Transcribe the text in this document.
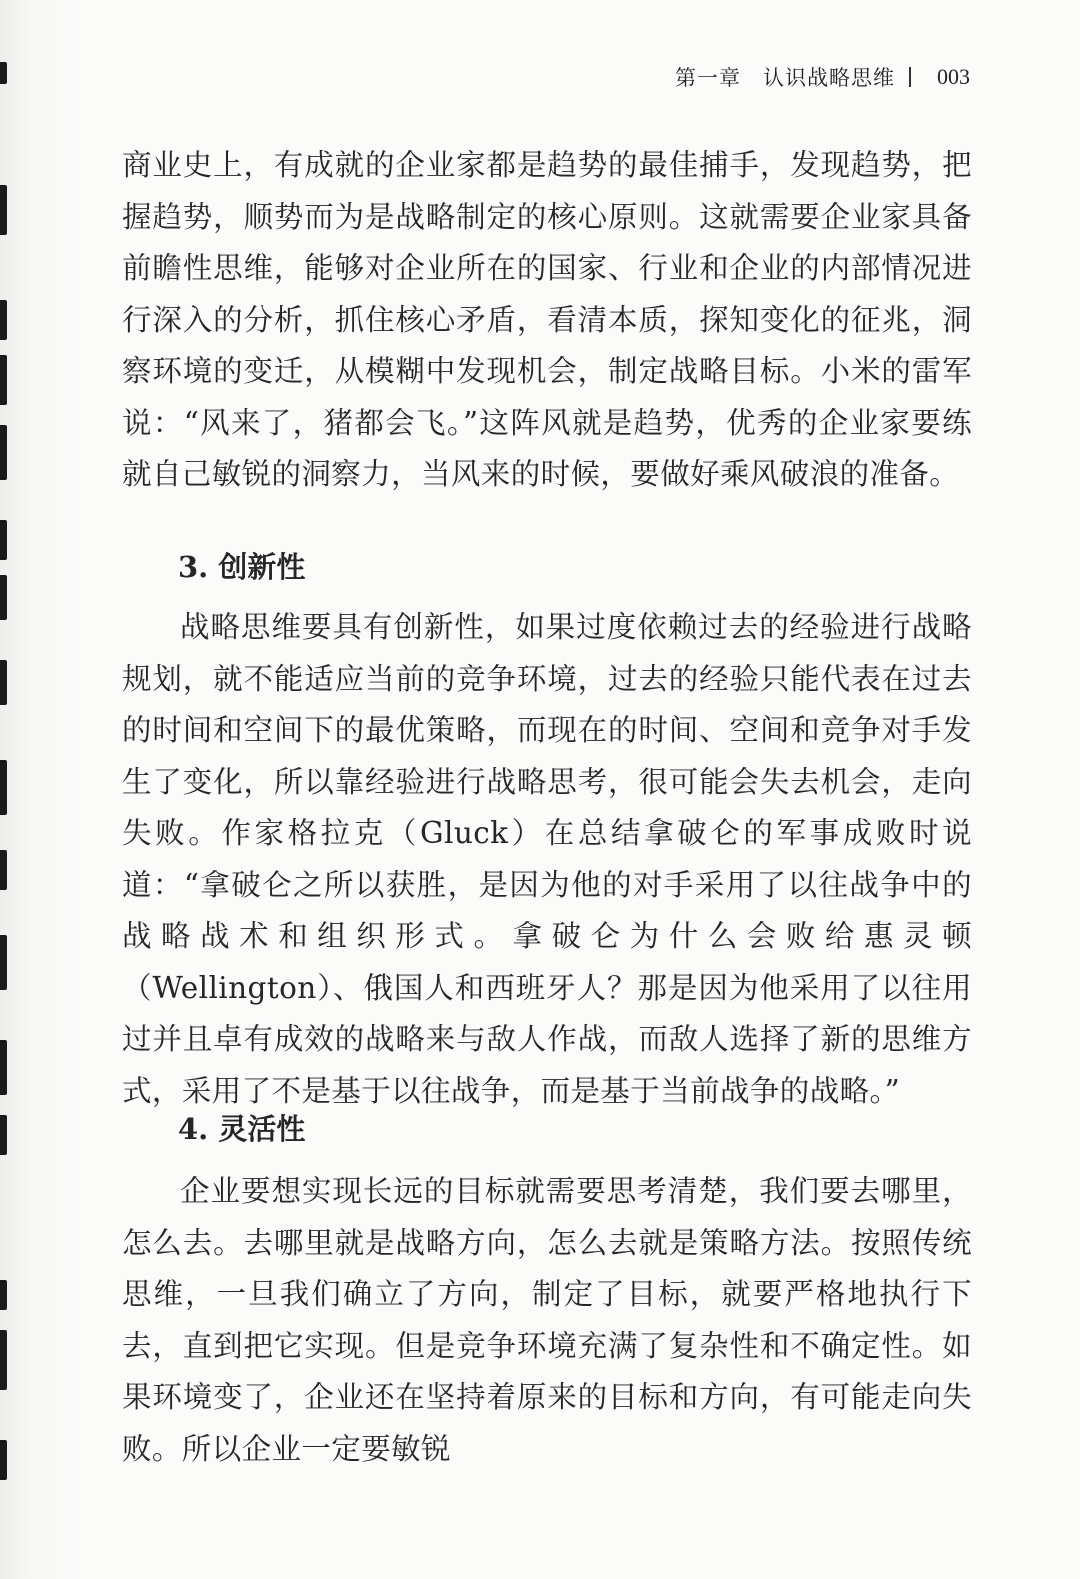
第一章 认识战略思维 003

商业史上，有成就的企业家都是趋势的最佳捕手，发现趋势，把握趋势，顺势而为是战略制定的核心原则。这就需要企业家具备前瞻性思维，能够对企业所在的国家、行业和企业的内部情况进行深入的分析，抓住核心矛盾，看清本质，探知变化的征兆，洞察环境的变迁，从模糊中发现机会，制定战略目标。小米的雷军说：“风来了，猪都会飞。”这阵风就是趋势，优秀的企业家要练就自己敏锐的洞察力，当风来的时候，要做好乘风破浪的准备。

3. 创新性

战略思维要具有创新性，如果过度依赖过去的经验进行战略规划，就不能适应当前的竞争环境，过去的经验只能代表在过去的时间和空间下的最优策略，而现在的时间、空间和竞争对手发生了变化，所以靠经验进行战略思考，很可能会失去机会，走向失败。作家格拉克（Gluck）在总结拿破仑的军事成败时说道：“拿破仑之所以获胜，是因为他的对手采用了以往战争中的战略战术和组织形式。拿破仑为什么会败给惠灵顿（Wellington）、俄国人和西班牙人？那是因为他采用了以往用过并且卓有成效的战略来与敌人作战，而敌人选择了新的思维方式，采用了不是基于以往战争，而是基于当前战争的战略。”

4. 灵活性

企业要想实现长远的目标就需要思考清楚，我们要去哪里，怎么去。去哪里就是战略方向，怎么去就是策略方法。按照传统思维，一旦我们确立了方向，制定了目标，就要严格地执行下去，直到把它实现。但是竞争环境充满了复杂性和不确定性。如果环境变了，企业还在坚持着原来的目标和方向，有可能走向失败。所以企业一定要敏锐
